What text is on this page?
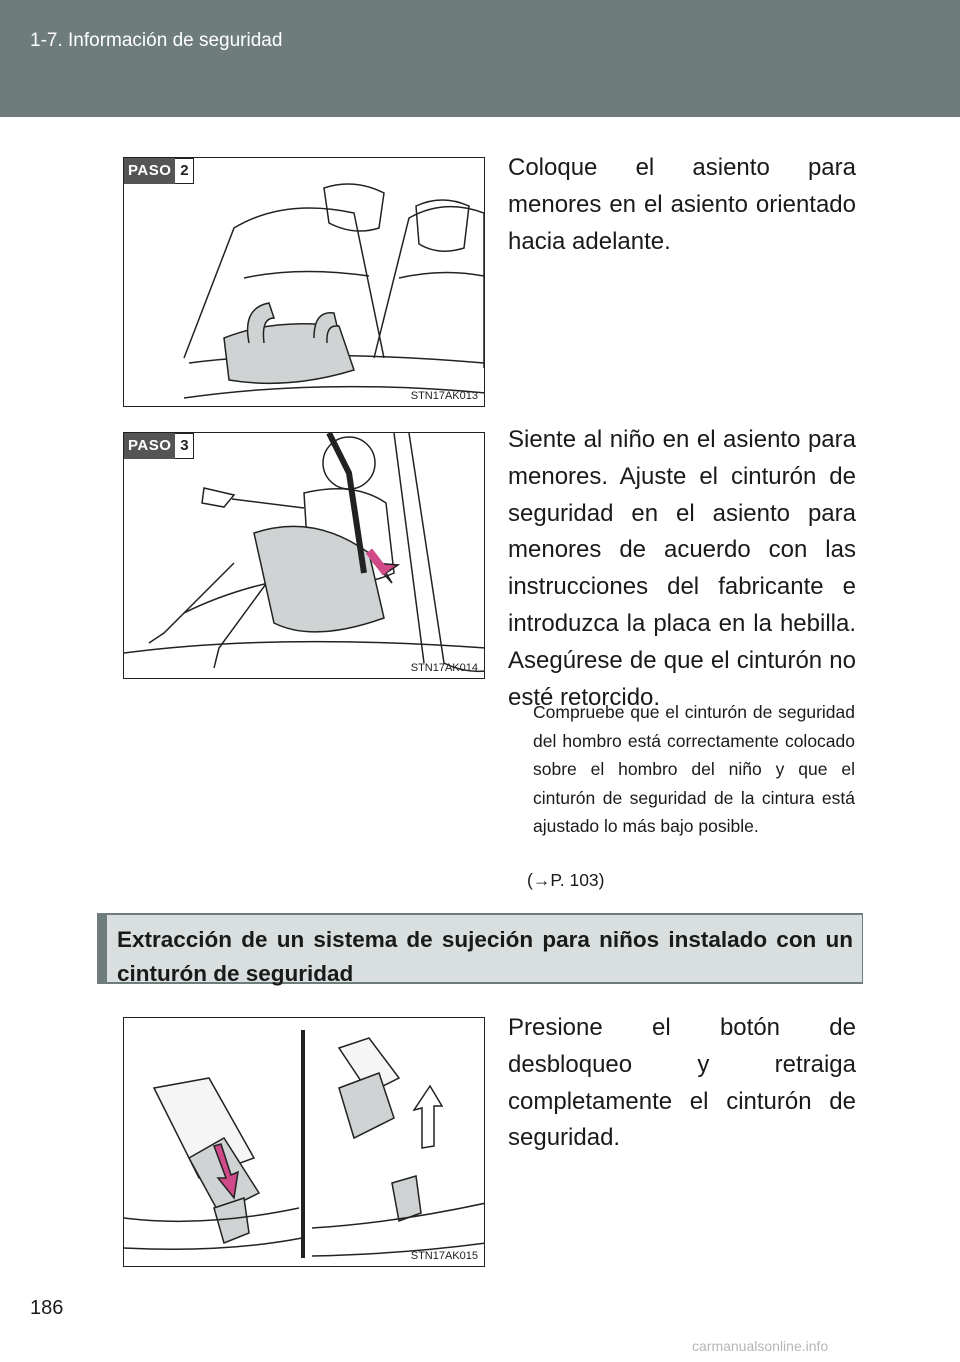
1-7. Información de seguridad
PASO 2
STN17AK013
Coloque el asiento para menores en el asiento orientado hacia adelante.
PASO 3
STN17AK014
Siente al niño en el asiento para menores. Ajuste el cinturón de seguridad en el asiento para menores de acuerdo con las instrucciones del fabricante e introduzca la placa en la hebilla. Asegúrese de que el cinturón no esté retorcido.
Compruebe que el cinturón de seguridad del hombro está correctamente colocado sobre el hombro del niño y que el cinturón de seguridad de la cintura está ajustado lo más bajo posible.
(→P. 103)
Extracción de un sistema de sujeción para niños instalado con un cinturón de seguridad
STN17AK015
Presione el botón de desbloqueo y retraiga completamente el cinturón de seguridad.
186
carmanualsonline.info
